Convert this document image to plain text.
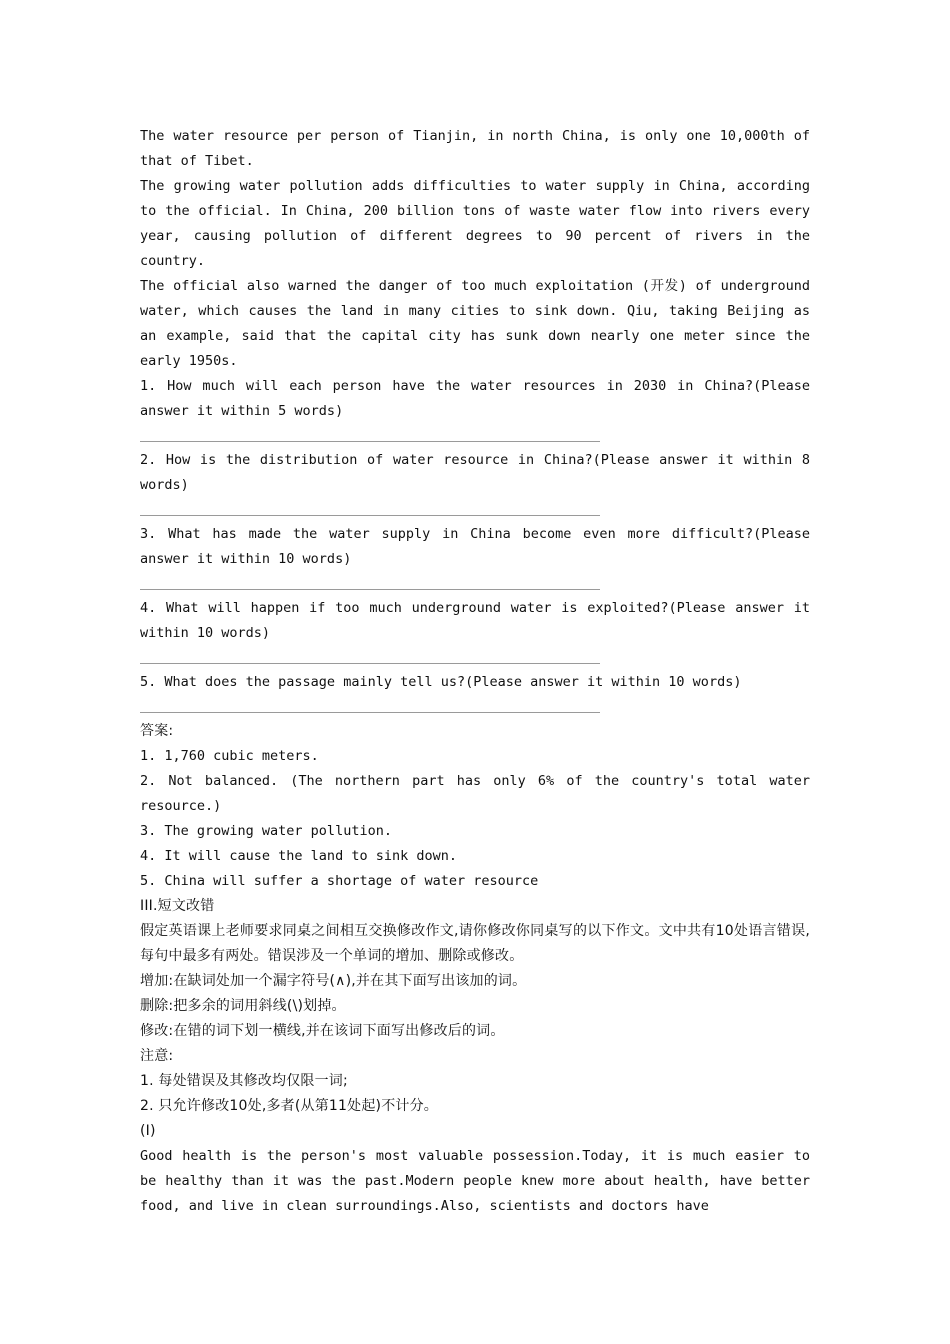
The water resource per person of Tianjin, in north China, is only one 10,000th of that of Tibet.

The growing water pollution adds difficulties to water supply in China, according to the official. In China, 200 billion tons of waste water flow into rivers every year, causing pollution of different degrees to 90 percent of rivers in the country.

The official also warned the danger of too much exploitation (开发) of underground water, which causes the land in many cities to sink down. Qiu, taking Beijing as an example, said that the capital city has sunk down nearly one meter since the early 1950s.

1. How much will each person have the water resources in 2030 in China?(Please answer it within 5 words)

2. How is the distribution of water resource in China?(Please answer it within 8 words)

3. What has made the water supply in China become even more difficult?(Please answer it within 10 words)

4. What will happen if too much underground water is exploited?(Please answer it within 10 words)

5. What does the passage mainly tell us?(Please answer it within 10 words)

答案:

1. 1,760 cubic meters.

2. Not balanced. (The northern part has only 6% of the country's total water resource.)

3. The growing water pollution.

4. It will cause the land to sink down.

5. China will suffer a shortage of water resource

III.短文改错

假定英语课上老师要求同桌之间相互交换修改作文,请你修改你同桌写的以下作文。文中共有10处语言错误,每句中最多有两处。错误涉及一个单词的增加、删除或修改。

增加:在缺词处加一个漏字符号(∧),并在其下面写出该加的词。

删除:把多余的词用斜线(\)划掉。

修改:在错的词下划一横线,并在该词下面写出修改后的词。

注意:

1. 每处错误及其修改均仅限一词;

2. 只允许修改10处,多者(从第11处起)不计分。

(I)

Good health is the person's most valuable possession.Today, it is much easier to be healthy than it was the past.Modern people knew more about health, have better food, and live in clean surroundings.Also, scientists and doctors have
